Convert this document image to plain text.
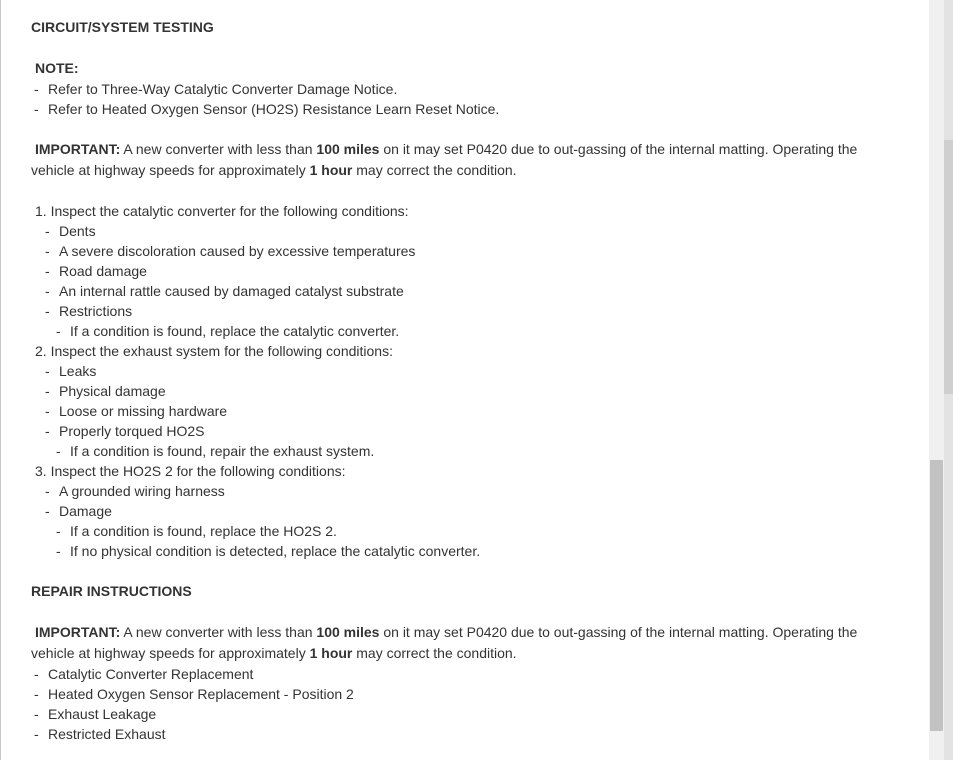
CIRCUIT/SYSTEM TESTING
NOTE:
- Refer to Three-Way Catalytic Converter Damage Notice.
- Refer to Heated Oxygen Sensor (HO2S) Resistance Learn Reset Notice.
IMPORTANT: A new converter with less than 100 miles on it may set P0420 due to out-gassing of the internal matting. Operating the
vehicle at highway speeds for approximately 1 hour may correct the condition.
1. Inspect the catalytic converter for the following conditions:
- Dents
- A severe discoloration caused by excessive temperatures
- Road damage
- An internal rattle caused by damaged catalyst substrate
- Restrictions
- If a condition is found, replace the catalytic converter.
2. Inspect the exhaust system for the following conditions:
- Leaks
- Physical damage
- Loose or missing hardware
- Properly torqued HO2S
- If a condition is found, repair the exhaust system.
3. Inspect the HO2S 2 for the following conditions:
- A grounded wiring harness
- Damage
- If a condition is found, replace the HO2S 2.
- If no physical condition is detected, replace the catalytic converter.
REPAIR INSTRUCTIONS
IMPORTANT: A new converter with less than 100 miles on it may set P0420 due to out-gassing of the internal matting. Operating the
vehicle at highway speeds for approximately 1 hour may correct the condition.
- Catalytic Converter Replacement
- Heated Oxygen Sensor Replacement - Position 2
- Exhaust Leakage
- Restricted Exhaust
